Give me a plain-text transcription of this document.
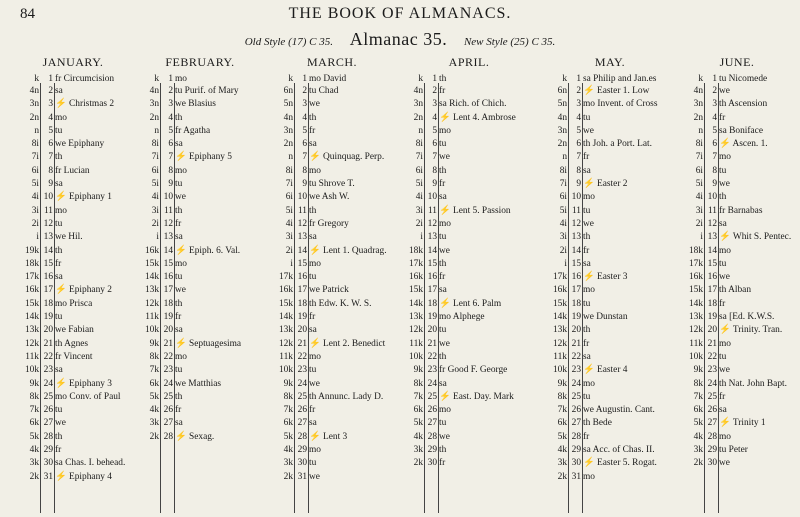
84	THE BOOK OF ALMANACS.
Old Style (17) C 35. Almanac 35. New Style (25) C 35.
JANUARY.
k 1 fr Circumcision
4n 2 sa
3n 3 ⚡ Christmas 2
2n 4 mo
n 5 tu
8i 6 we Epiphany
7i 7 th
6i 8 fr Lucian
5i 9 sa
4i 10 ⚡ Epiphany 1
3i 11 mo
2i 12 tu
i 13 we Hil.
19k 14 th
18k 15 fr
17k 16 sa
16k 17 ⚡ Epiphany 2
15k 18 mo Prisca
14k 19 tu
13k 20 we Fabian
12k 21 th Agnes
11k 22 fr Vincent
10k 23 sa
9k 24 ⚡ Epiphany 3
8k 25 mo Conv. of Paul
7k 26 tu
6k 27 we
5k 28 th
4k 29 fr
3k 30 sa Chas. I. behead.
2k 31 ⚡ Epiphany 4
FEBRUARY.
k 1 mo
4n 2 tu Purif. of Mary
3n 3 we Blasius
2n 4 th
n 5 fr Agatha
8i 6 sa
7i 7 ⚡ Epiphany 5
6i 8 mo
5i 9 tu
4i 10 we
3i 11 th
2i 12 fr
i 13 sa
16k 14 ⚡ Epiph. 6. Val.
15k 15 mo
14k 16 tu
13k 17 we
12k 18 th
11k 19 fr
10k 20 sa
9k 21 ⚡ Septuagesima
8k 22 mo
7k 23 tu
6k 24 we Matthias
5k 25 th
4k 26 fr
3k 27 sa
2k 28 ⚡ Sexag.
MARCH.
k 1 mo David
6n 2 tu Chad
5n 3 we
4n 4 th
3n 5 fr
2n 6 sa
n 7 ⚡ Quinquag. Perp.
8i 8 mo
7i 9 tu Shrove T.
6i 10 we Ash W.
5i 11 th
4i 12 fr Gregory
3i 13 sa
2i 14 ⚡ Lent 1. Quadrag.
i 15 mo
17k 16 tu
16k 17 we Patrick
15k 18 th Edw. K. W. S.
14k 19 fr
13k 20 sa
12k 21 ⚡ Lent 2. Benedict
11k 22 mo
10k 23 tu
9k 24 we
8k 25 th Annunc. Lady D.
7k 26 fr
6k 27 sa
5k 28 ⚡ Lent 3
4k 29 mo
3k 30 tu
2k 31 we
APRIL.
k 1 th
4n 2 fr
3n 3 sa Rich. of Chich.
2n 4 ⚡ Lent 4. Ambrose
n 5 mo
8i 6 tu
7i 7 we
6i 8 th
5i 9 fr
4i 10 sa
3i 11 ⚡ Lent 5. Passion
2i 12 mo
i 13 tu
18k 14 we
17k 15 th
16k 16 fr
15k 17 sa
14k 18 ⚡ Lent 6. Palm
13k 19 mo Alphege
12k 20 tu
11k 21 we
10k 22 th
9k 23 fr Good F. George
8k 24 sa
7k 25 ⚡ East. Day. Mark
6k 26 mo
5k 27 tu
4k 28 we
3k 29 th
2k 30 fr
MAY.
k 1 sa Philip and Jan.es
6n 2 ⚡ Easter 1. Low
5n 3 mo Invent. of Cross
4n 4 tu
3n 5 we
2n 6 th Joh. a Port. Lat.
n 7 fr
8i 8 sa
7i 9 ⚡ Easter 2
6i 10 mo
5i 11 tu
4i 12 we
3i 13 th
2i 14 fr
i 15 sa
17k 16 ⚡ Easter 3
16k 17 mo
15k 18 tu
14k 19 we Dunstan
13k 20 th
12k 21 fr
11k 22 sa
10k 23 ⚡ Easter 4
9k 24 mo
8k 25 tu
7k 26 we Augustin. Cant.
6k 27 th Bede
5k 28 fr
4k 29 sa Acc. of Chas. II.
3k 30 ⚡ Easter 5. Rogat.
2k 31 mo
JUNE.
k 1 tu Nicomede
4n 2 we
3n 3 th Ascension
2n 4 fr
n 5 sa Boniface
8i 6 ⚡ Ascen. 1.
7i 7 mo
6i 8 tu
5i 9 we
4i 10 th
3i 11 fr Barnabas
2i 12 sa
i 13 ⚡ Whit S. Pentec.
18k 14 mo
17k 15 tu
16k 16 we
15k 17 th Alban
14k 18 fr
13k 19 sa [Ed. K.W.S.
12k 20 ⚡ Trinity. Tran.
11k 21 mo
10k 22 tu
9k 23 we
8k 24 th Nat. John Bapt.
7k 25 fr
6k 26 sa
5k 27 ⚡ Trinity 1
4k 28 mo
3k 29 tu Peter
2k 30 we
